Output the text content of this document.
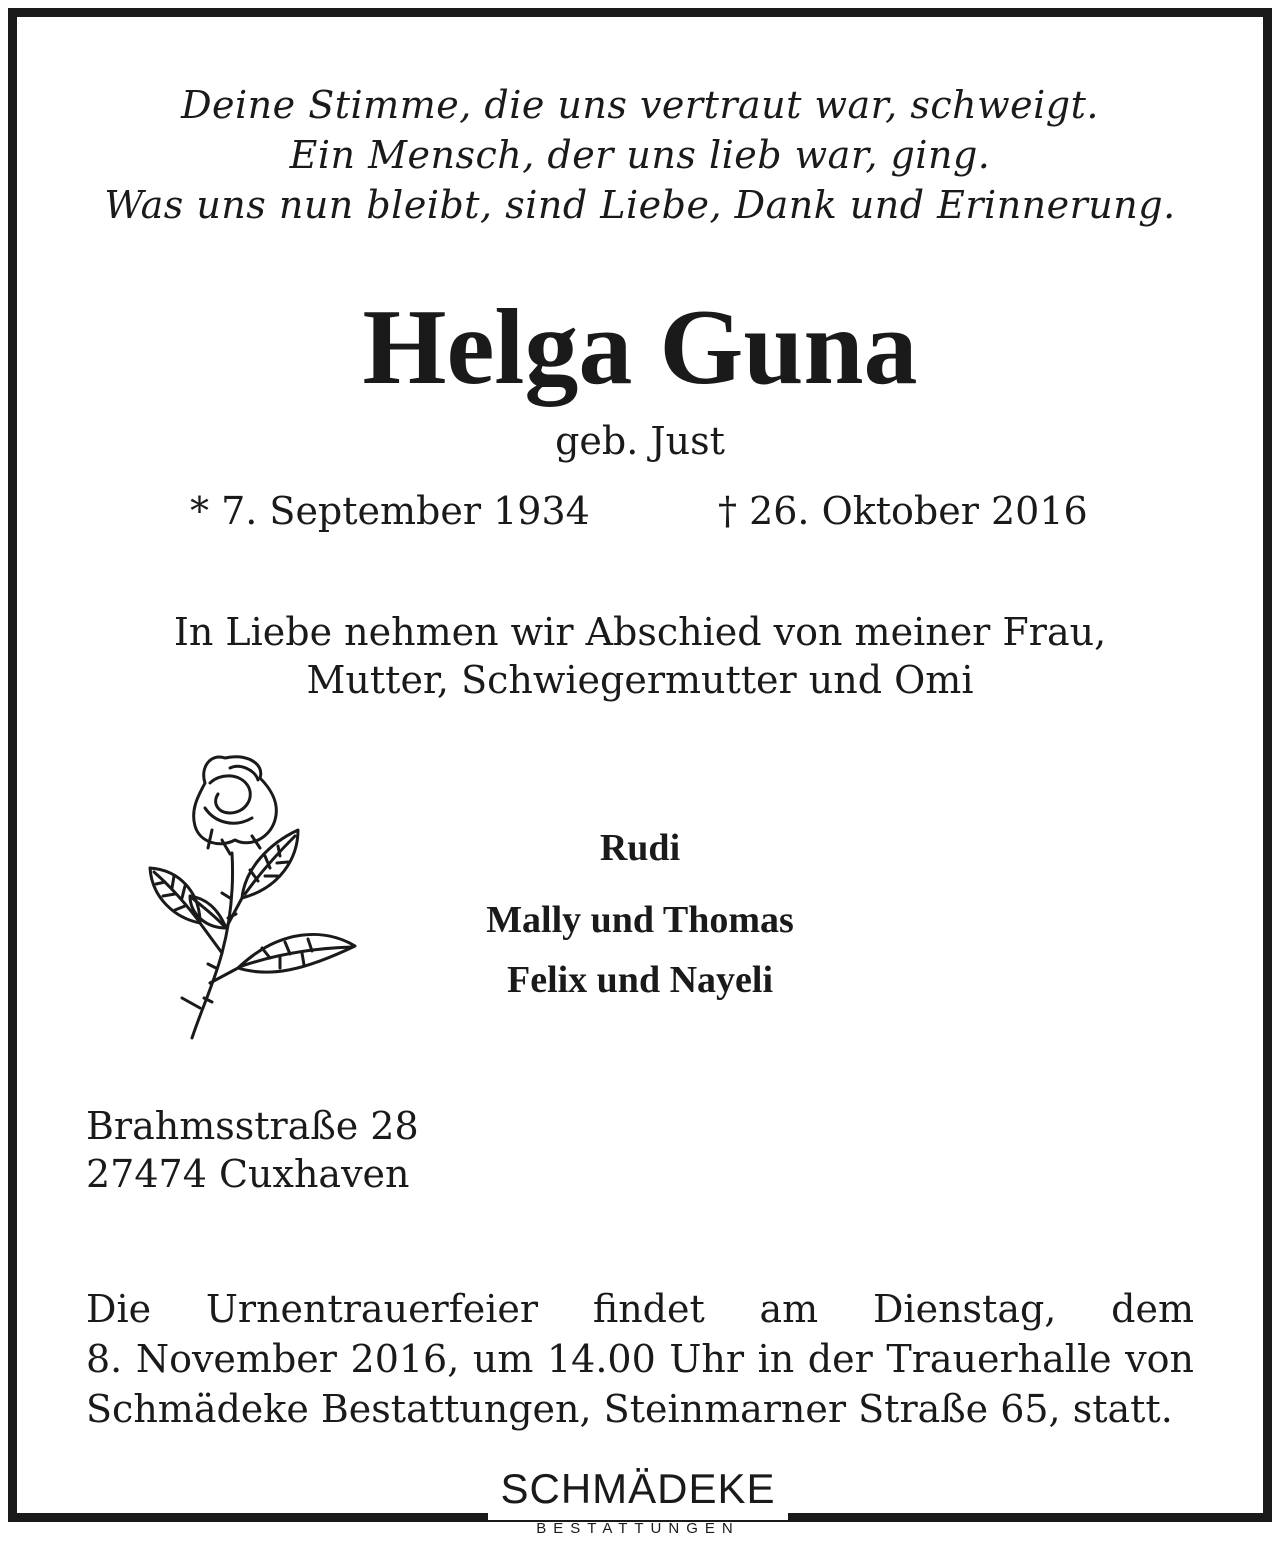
Deine Stimme, die uns vertraut war, schweigt.
Ein Mensch, der uns lieb war, ging.
Was uns nun bleibt, sind Liebe, Dank und Erinnerung.
Helga Guna
geb. Just
* 7. September 1934	† 26. Oktober 2016
In Liebe nehmen wir Abschied von meiner Frau,
Mutter, Schwiegermutter und Omi
Rudi
Mally und Thomas
Felix und Nayeli
Brahmsstraße 28
27474 Cuxhaven
Die Urnentrauerfeier findet am Dienstag, dem
8. November 2016, um 14.00 Uhr in der Trauerhalle von
Schmädeke Bestattungen, Steinmarner Straße 65, statt.
SCHMÄDEKE
BESTATTUNGEN
